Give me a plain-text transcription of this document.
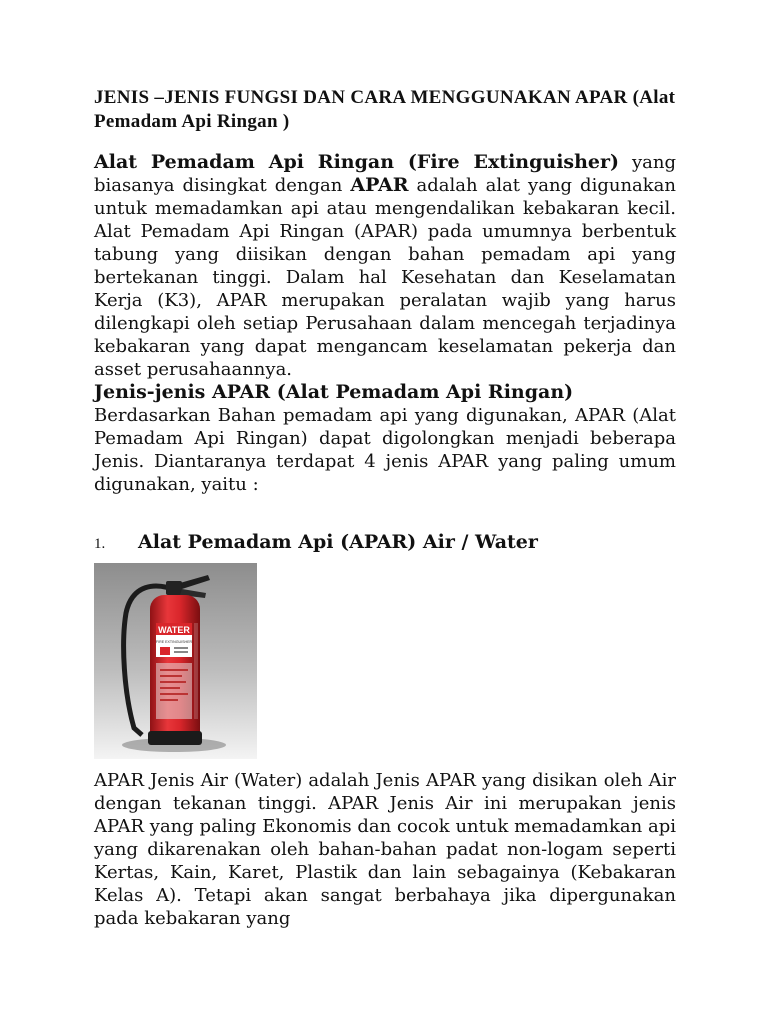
JENIS –JENIS FUNGSI DAN CARA MENGGUNAKAN APAR (Alat Pemadam Api Ringan )

Alat Pemadam Api Ringan (Fire Extinguisher) yang biasanya disingkat dengan APAR adalah alat yang digunakan untuk memadamkan api atau mengendalikan kebakaran kecil. Alat Pemadam Api Ringan (APAR) pada umumnya berbentuk tabung yang diisikan dengan bahan pemadam api yang bertekanan tinggi. Dalam hal Kesehatan dan Keselamatan Kerja (K3), APAR merupakan peralatan wajib yang harus dilengkapi oleh setiap Perusahaan dalam mencegah terjadinya kebakaran yang dapat mengancam keselamatan pekerja dan asset perusahaannya.

Jenis-jenis APAR (Alat Pemadam Api Ringan)

Berdasarkan Bahan pemadam api yang digunakan, APAR (Alat Pemadam Api Ringan) dapat digolongkan menjadi beberapa Jenis. Diantaranya terdapat 4 jenis APAR yang paling umum digunakan, yaitu :

1.	Alat Pemadam Api (APAR) Air / Water
WATER
FIRE EXTINGUISHER

APAR Jenis Air (Water) adalah Jenis APAR yang disikan oleh Air dengan tekanan tinggi. APAR Jenis Air ini merupakan jenis APAR yang paling Ekonomis dan cocok untuk memadamkan api yang dikarenakan oleh bahan-bahan padat non-logam seperti Kertas, Kain, Karet, Plastik dan lain sebagainya (Kebakaran Kelas A). Tetapi akan sangat berbahaya jika dipergunakan pada kebakaran yang
